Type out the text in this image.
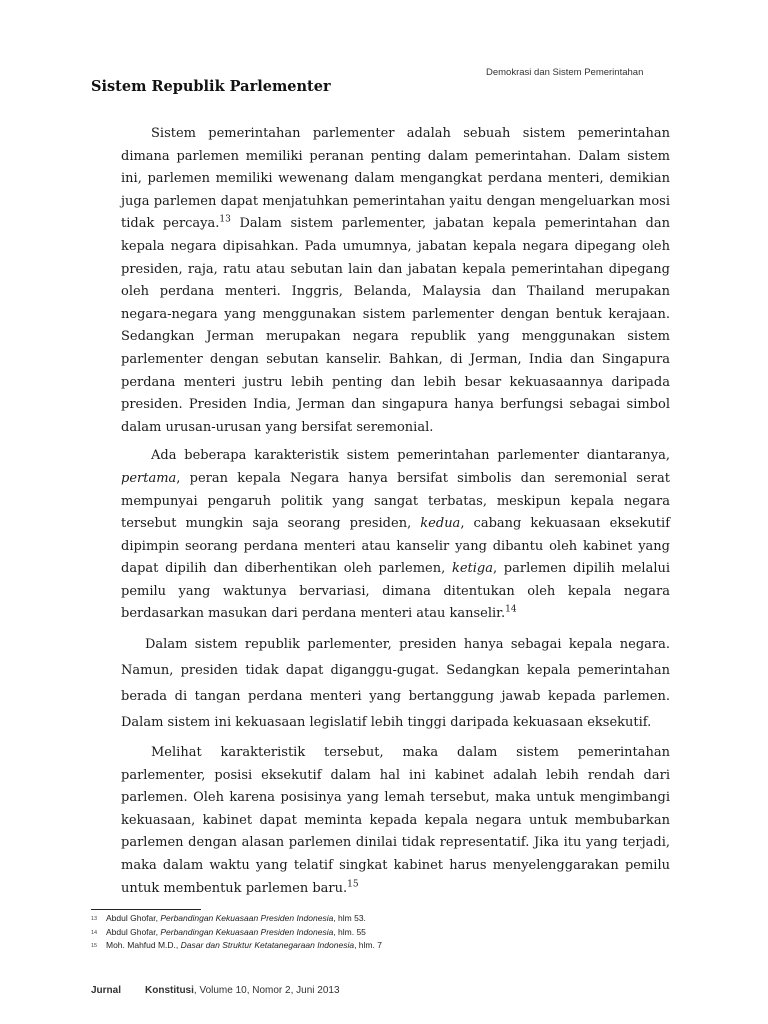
Demokrasi dan Sistem Pemerintahan
Sistem Republik Parlementer

Sistem pemerintahan parlementer adalah sebuah sistem pemerintahan dimana parlemen memiliki peranan penting dalam pemerintahan. Dalam sistem ini, parlemen memiliki wewenang dalam mengangkat perdana menteri, demikian juga parlemen dapat menjatuhkan pemerintahan yaitu dengan mengeluarkan mosi tidak percaya.$^{13}$ Dalam sistem parlementer, jabatan kepala pemerintahan dan kepala negara dipisahkan. Pada umumnya, jabatan kepala negara dipegang oleh presiden, raja, ratu atau sebutan lain dan jabatan kepala pemerintahan dipegang oleh perdana menteri. Inggris, Belanda, Malaysia dan Thailand merupakan negara-negara yang menggunakan sistem parlementer dengan bentuk kerajaan. Sedangkan Jerman merupakan negara republik yang menggunakan sistem parlementer dengan sebutan kanselir. Bahkan, di Jerman, India dan Singapura perdana menteri justru lebih penting dan lebih besar kekuasaannya daripada presiden. Presiden India, Jerman dan singapura hanya berfungsi sebagai simbol dalam urusan-urusan yang bersifat seremonial.

Ada beberapa karakteristik sistem pemerintahan parlementer diantaranya, pertama, peran kepala Negara hanya bersifat simbolis dan seremonial serat mempunyai pengaruh politik yang sangat terbatas, meskipun kepala negara tersebut mungkin saja seorang presiden, kedua, cabang kekuasaan eksekutif dipimpin seorang perdana menteri atau kanselir yang dibantu oleh kabinet yang dapat dipilih dan diberhentikan oleh parlemen, ketiga, parlemen dipilih melalui pemilu yang waktunya bervariasi, dimana ditentukan oleh kepala negara berdasarkan masukan dari perdana menteri atau kanselir.$^{14}$

Dalam sistem republik parlementer, presiden hanya sebagai kepala negara. Namun, presiden tidak dapat diganggu-gugat. Sedangkan kepala pemerintahan berada di tangan perdana menteri yang bertanggung jawab kepada parlemen. Dalam sistem ini kekuasaan legislatif lebih tinggi daripada kekuasaan eksekutif.

Melihat karakteristik tersebut, maka dalam sistem pemerintahan parlementer, posisi eksekutif dalam hal ini kabinet adalah lebih rendah dari parlemen. Oleh karena posisinya yang lemah tersebut, maka untuk mengimbangi kekuasaan, kabinet dapat meminta kepada kepala negara untuk membubarkan parlemen dengan alasan parlemen dinilai tidak representatif. Jika itu yang terjadi, maka dalam waktu yang telatif singkat kabinet harus menyelenggarakan pemilu untuk membentuk parlemen baru.$^{15}$

13 Abdul Ghofar, Perbandingan Kekuasaan Presiden Indonesia, hlm 53.
14 Abdul Ghofar, Perbandingan Kekuasaan Presiden Indonesia, hlm. 55
15 Moh. Mahfud M.D., Dasar dan Struktur Ketatanegaraan Indonesia, hlm. 7
Jurnal Konstitusi, Volume 10, Nomor 2, Juni 2013
